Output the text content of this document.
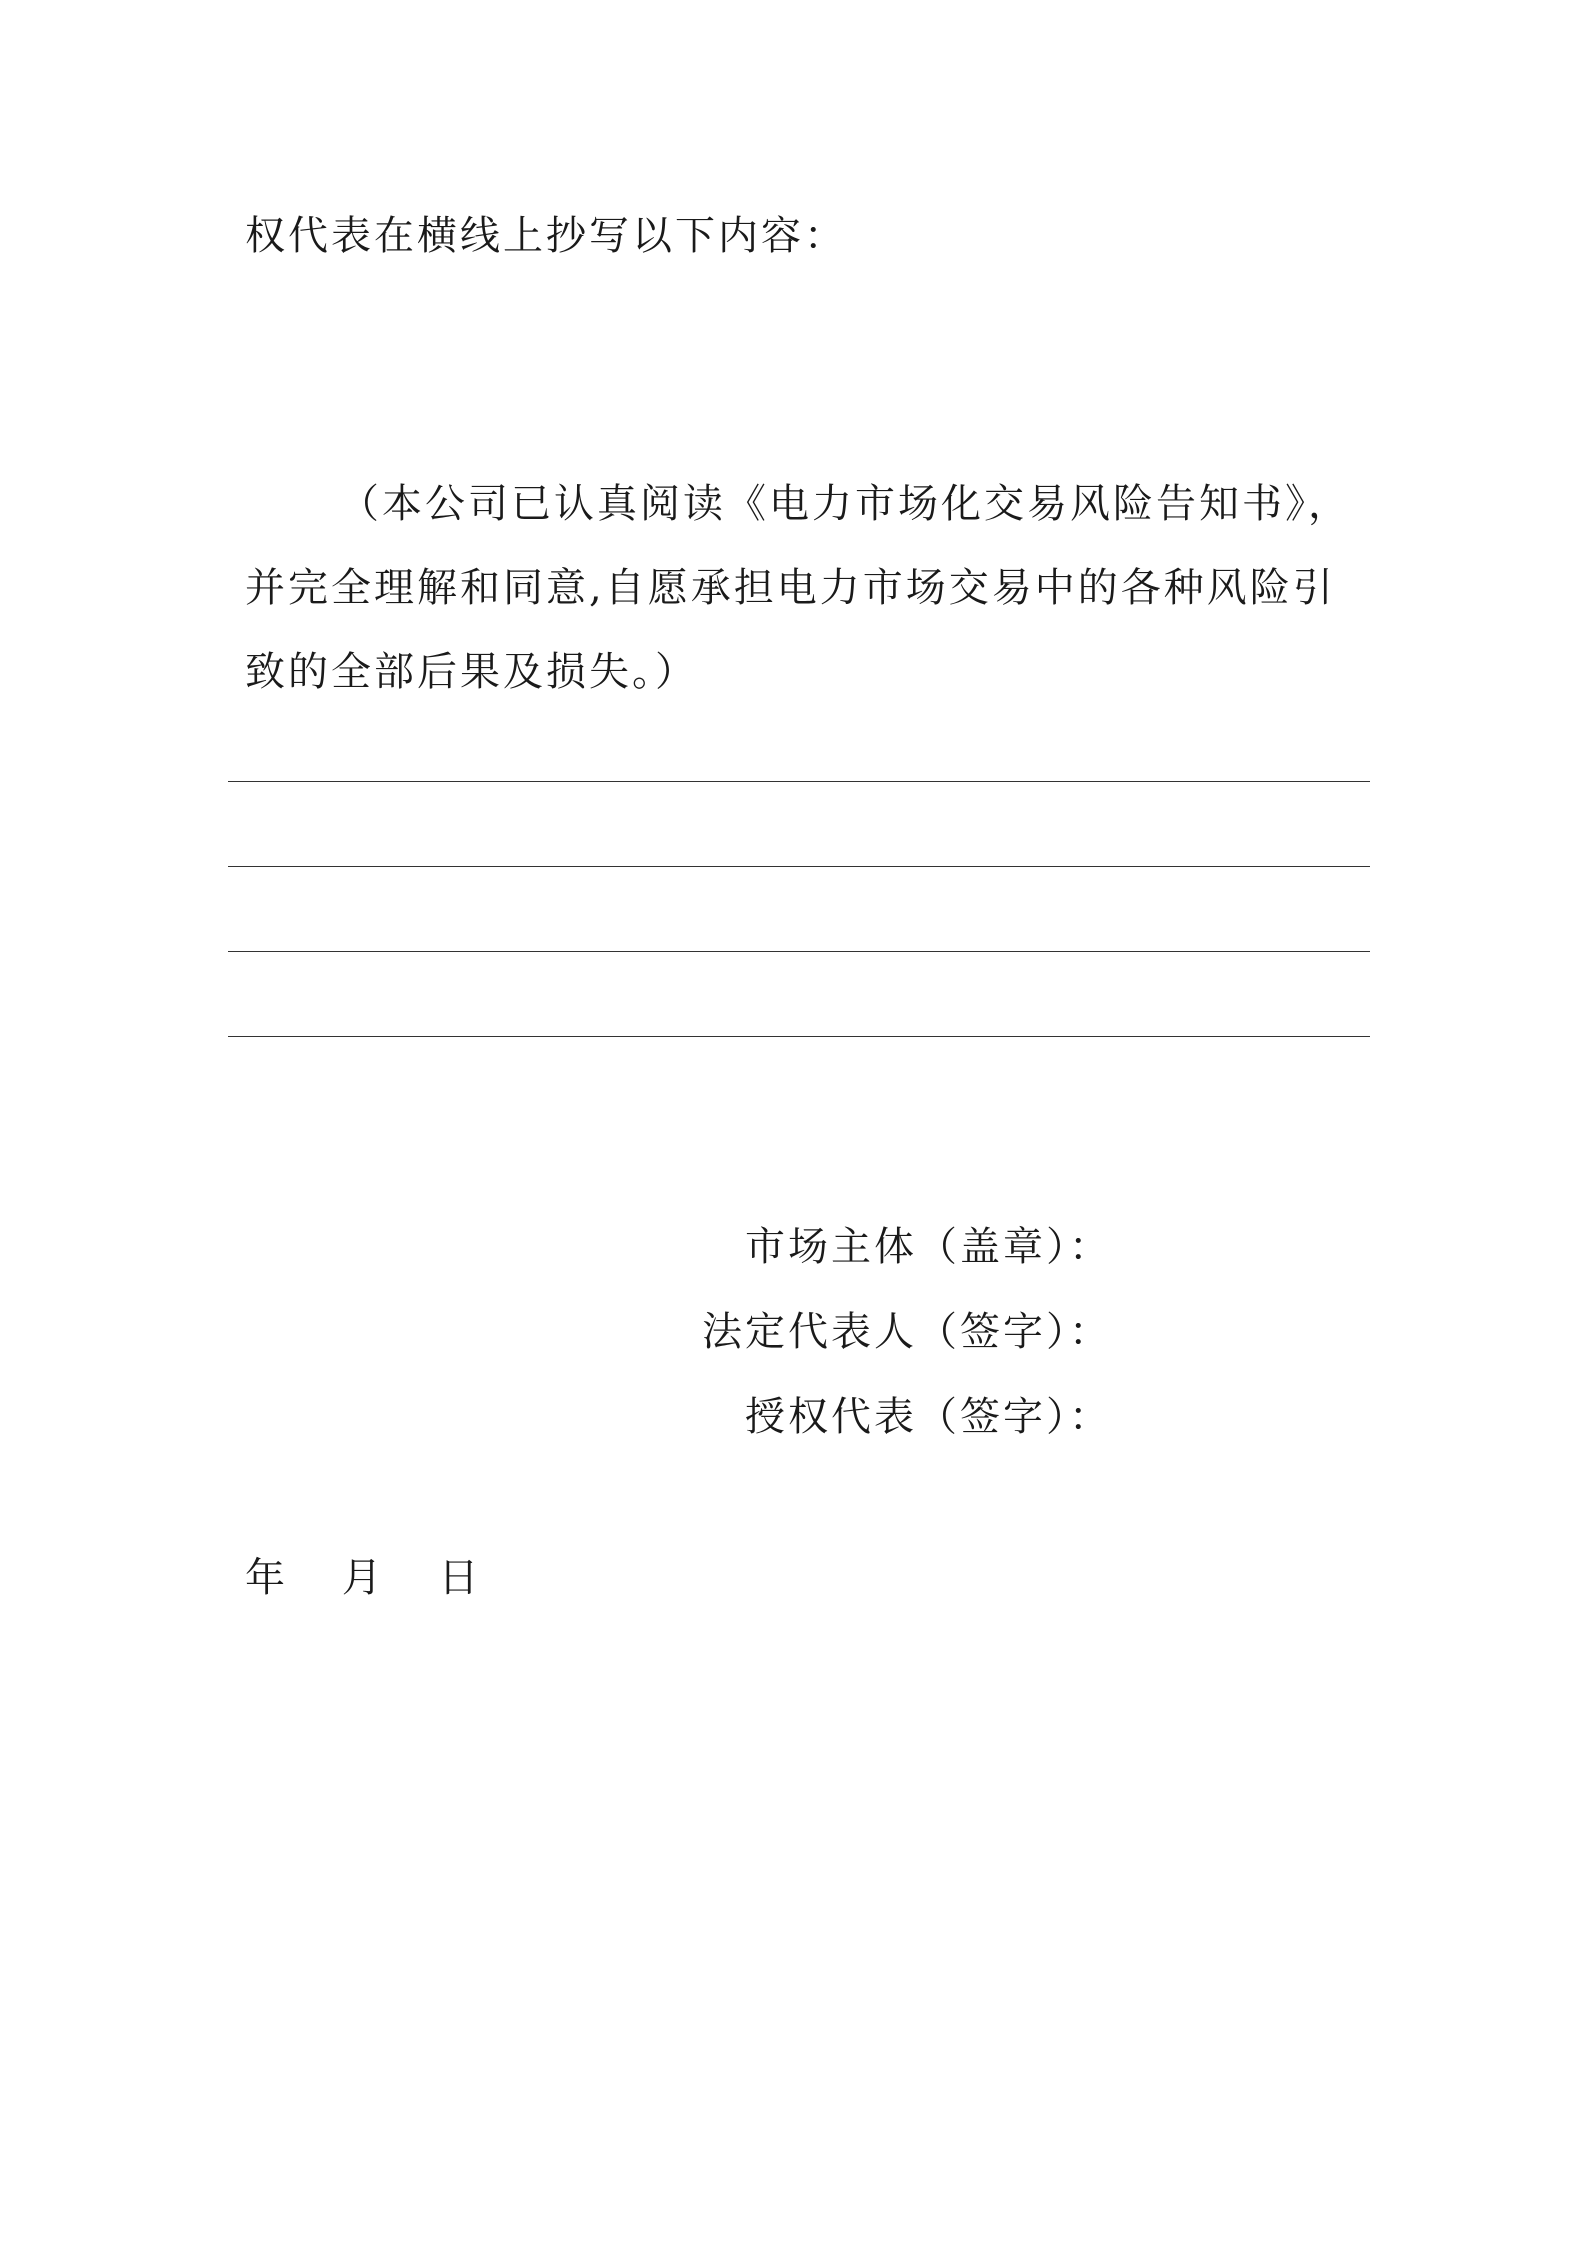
权代表在横线上抄写以下内容：
（本公司已认真阅读《电力市场化交易风险告知书》，
并完全理解和同意,自愿承担电力市场交易中的各种风险引
致的全部后果及损失。）
市场主体（盖章）：
法定代表人（签字）：
授权代表（签字）：
年 月 日
